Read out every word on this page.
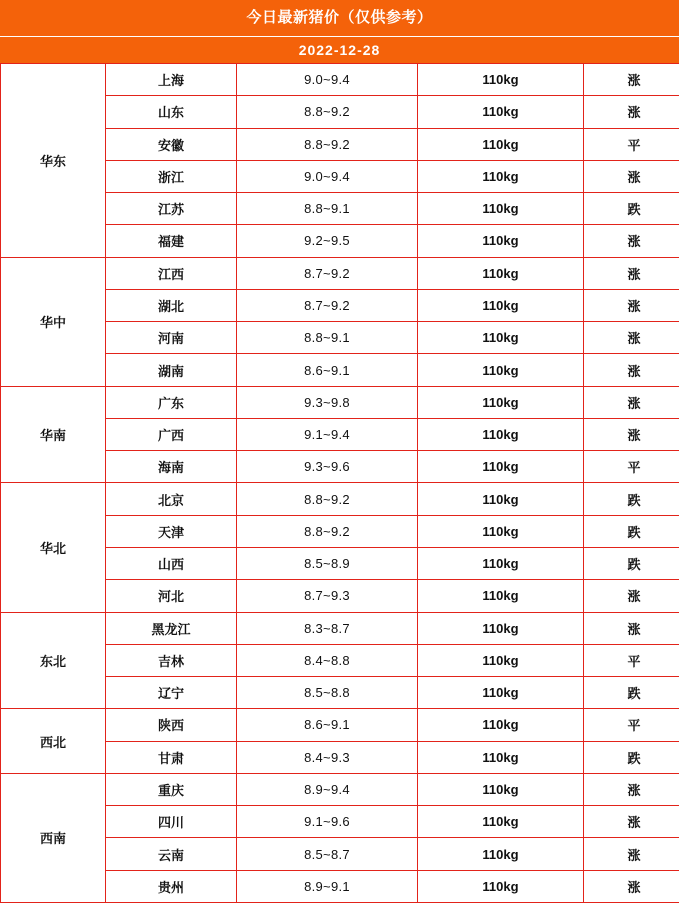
今日最新猪价（仅供参考）
2022-12-28
华东	上海	9.0~9.4	110kg	涨
	山东	8.8~9.2	110kg	涨
	安徽	8.8~9.2	110kg	平
	浙江	9.0~9.4	110kg	涨
	江苏	8.8~9.1	110kg	跌
	福建	9.2~9.5	110kg	涨
华中	江西	8.7~9.2	110kg	涨
	湖北	8.7~9.2	110kg	涨
	河南	8.8~9.1	110kg	涨
	湖南	8.6~9.1	110kg	涨
华南	广东	9.3~9.8	110kg	涨
	广西	9.1~9.4	110kg	涨
	海南	9.3~9.6	110kg	平
华北	北京	8.8~9.2	110kg	跌
	天津	8.8~9.2	110kg	跌
	山西	8.5~8.9	110kg	跌
	河北	8.7~9.3	110kg	涨
东北	黑龙江	8.3~8.7	110kg	涨
	吉林	8.4~8.8	110kg	平
	辽宁	8.5~8.8	110kg	跌
西北	陕西	8.6~9.1	110kg	平
	甘肃	8.4~9.3	110kg	跌
西南	重庆	8.9~9.4	110kg	涨
	四川	9.1~9.6	110kg	涨
	云南	8.5~8.7	110kg	涨
	贵州	8.9~9.1	110kg	涨
